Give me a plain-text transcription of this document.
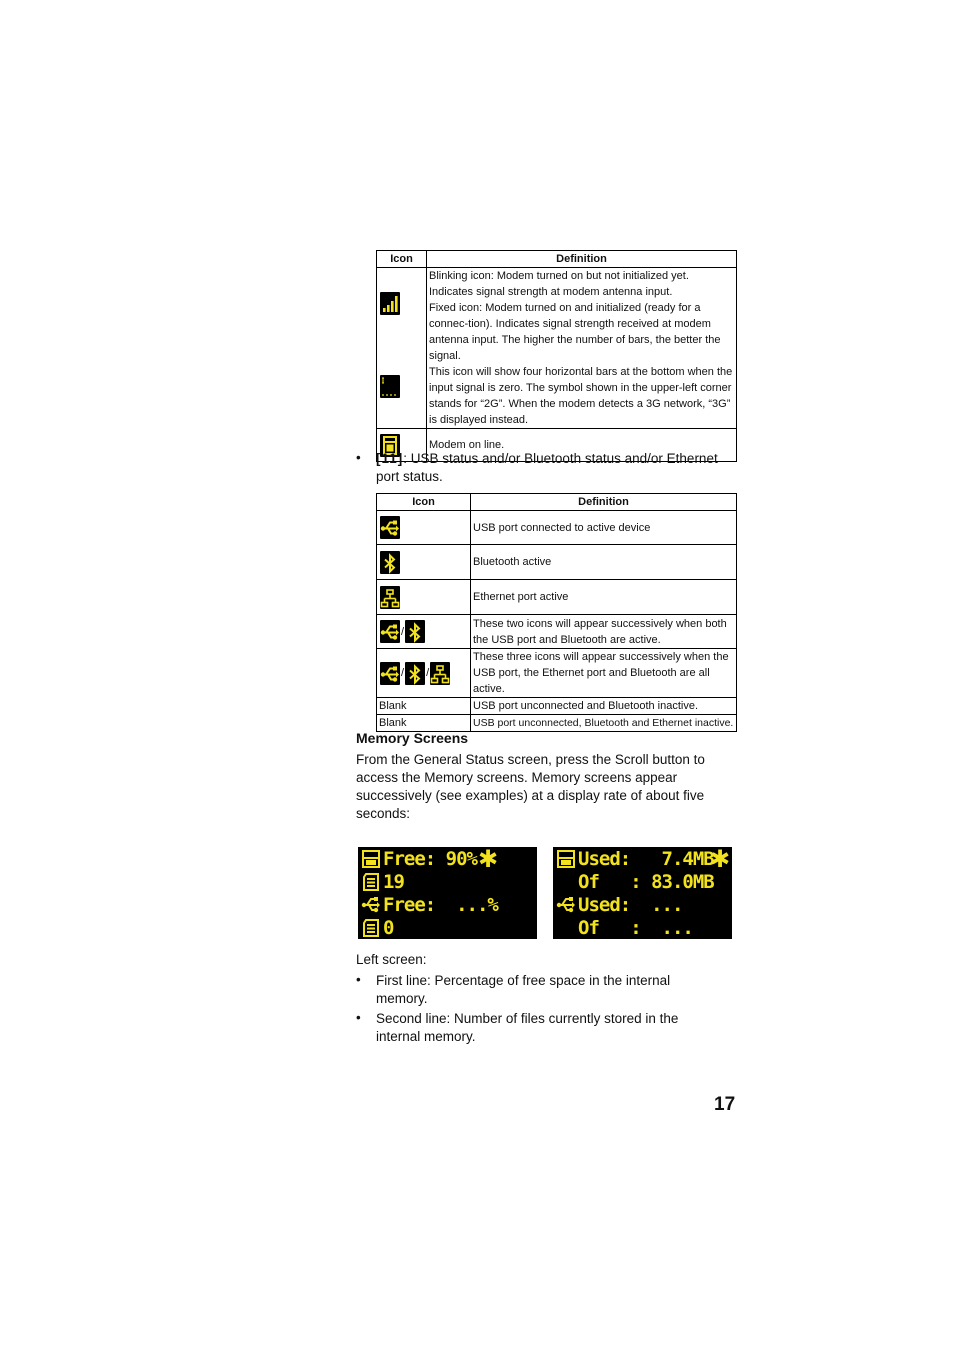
Icon	Definition

Blinking icon: Modem turned on but not initialized yet. Indicates signal strength at modem antenna input.
Fixed icon: Modem turned on and initialized (ready for a connec-tion). Indicates signal strength received at modem antenna input. The higher the number of bars, the better the signal.
This icon will show four horizontal bars at the bottom when the input signal is zero. The symbol shown in the upper-left corner stands for “2G”. When the modem detects a 3G network, “3G” is displayed instead.

	Modem on line.
• [11]: USB status and/or Bluetooth status and/or Ethernet port status.
Icon	Definition

	USB port connected to active device

	Bluetooth active

	Ethernet port active

/	These two icons will appear successively when both the USB port and Bluetooth are active.

/ /	These three icons will appear successively when the USB port, the Ethernet port and Bluetooth are all active.
Blank	USB port unconnected and Bluetooth inactive.
Blank	USB port unconnected, Bluetooth and Ethernet inactive.
Memory Screens
From the General Status screen, press the Scroll button to access the Memory screens. Memory screens appear successively (see examples) at a display rate of about five seconds:
Free: 90%
19
Free:  ...%
0
✱	Used:   7.4MB
Of   : 83.0MB
Used:  ...
Of   :  ...
✱
Left screen:
• First line: Percentage of free space in the internal memory.
• Second line: Number of files currently stored in the internal memory.
17
